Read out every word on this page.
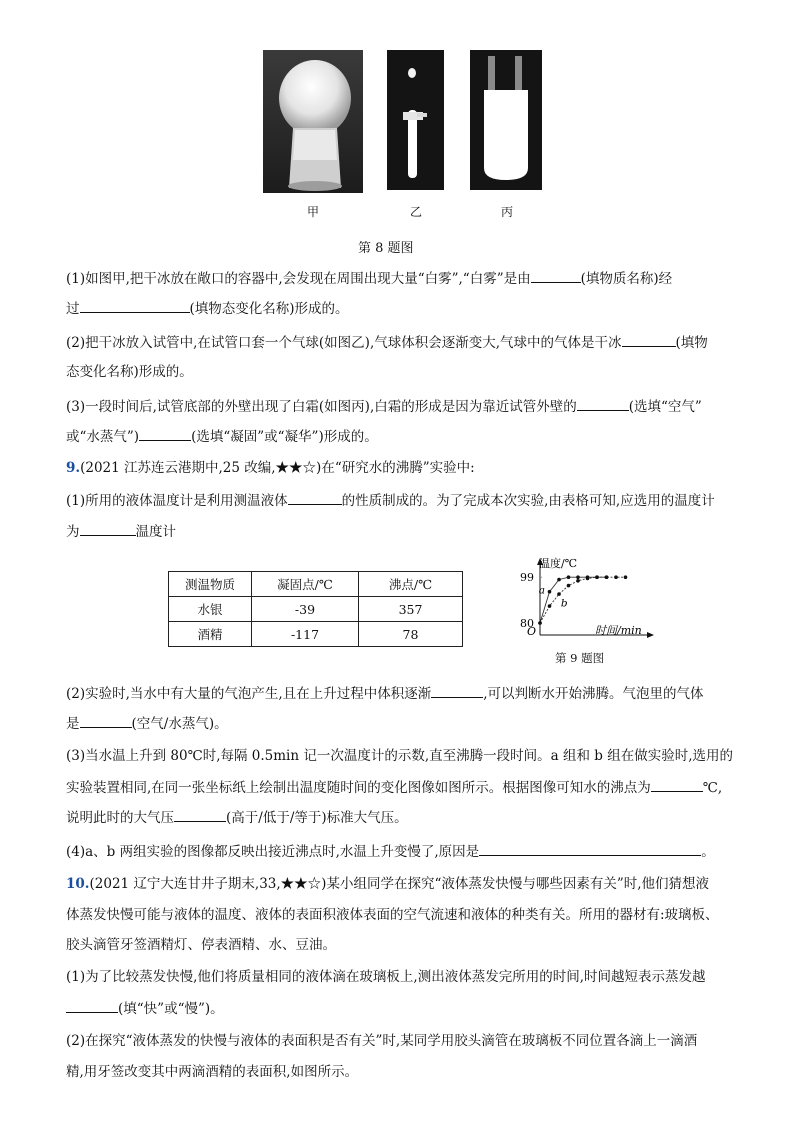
甲	乙	丙
第 8 题图
(1)如图甲,把干冰放在敞口的容器中,会发现在周围出现大量“白雾”,“白雾”是由	(填物质名称)经
过	(填物态变化名称)形成的。
(2)把干冰放入试管中,在试管口套一个气球(如图乙),气球体积会逐渐变大,气球中的气体是干冰	(填物
态变化名称)形成的。
(3)一段时间后,试管底部的外壁出现了白霜(如图丙),白霜的形成是因为靠近试管外壁的	(选填“空气”
或“水蒸气”)	(选填“凝固”或“凝华”)形成的。
9.(2021 江苏连云港期中,25 改编,★★☆)在“研究水的沸腾”实验中:
(1)所用的液体温度计是利用测温液体	的性质制成的。为了完成本次实验,由表格可知,应选用的温度计
为	温度计
测温物质	凝固点/℃	沸点/℃
水银	-39	357
酒精	-117	78
温度/℃
时间/min
O
99
80
a
b
第 9 题图
(2)实验时,当水中有大量的气泡产生,且在上升过程中体积逐渐	,可以判断水开始沸腾。气泡里的气体
是	(空气/水蒸气)。
(3)当水温上升到 80℃时,每隔 0.5min 记一次温度计的示数,直至沸腾一段时间。a 组和 b 组在做实验时,选用的
实验装置相同,在同一张坐标纸上绘制出温度随时间的变化图像如图所示。根据图像可知水的沸点为	℃,
说明此时的大气压	(高于/低于/等于)标准大气压。
(4)a、b 两组实验的图像都反映出接近沸点时,水温上升变慢了,原因是	。
10.(2021 辽宁大连甘井子期末,33,★★☆)某小组同学在探究“液体蒸发快慢与哪些因素有关”时,他们猜想液
体蒸发快慢可能与液体的温度、液体的表面积液体表面的空气流速和液体的种类有关。所用的器材有:玻璃板、
胶头滴管牙签酒精灯、停表酒精、水、豆油。
(1)为了比较蒸发快慢,他们将质量相同的液体滴在玻璃板上,测出液体蒸发完所用的时间,时间越短表示蒸发越
(填“快”或“慢”)。
(2)在探究“液体蒸发的快慢与液体的表面积是否有关”时,某同学用胶头滴管在玻璃板不同位置各滴上一滴酒
精,用牙签改变其中两滴酒精的表面积,如图所示。
